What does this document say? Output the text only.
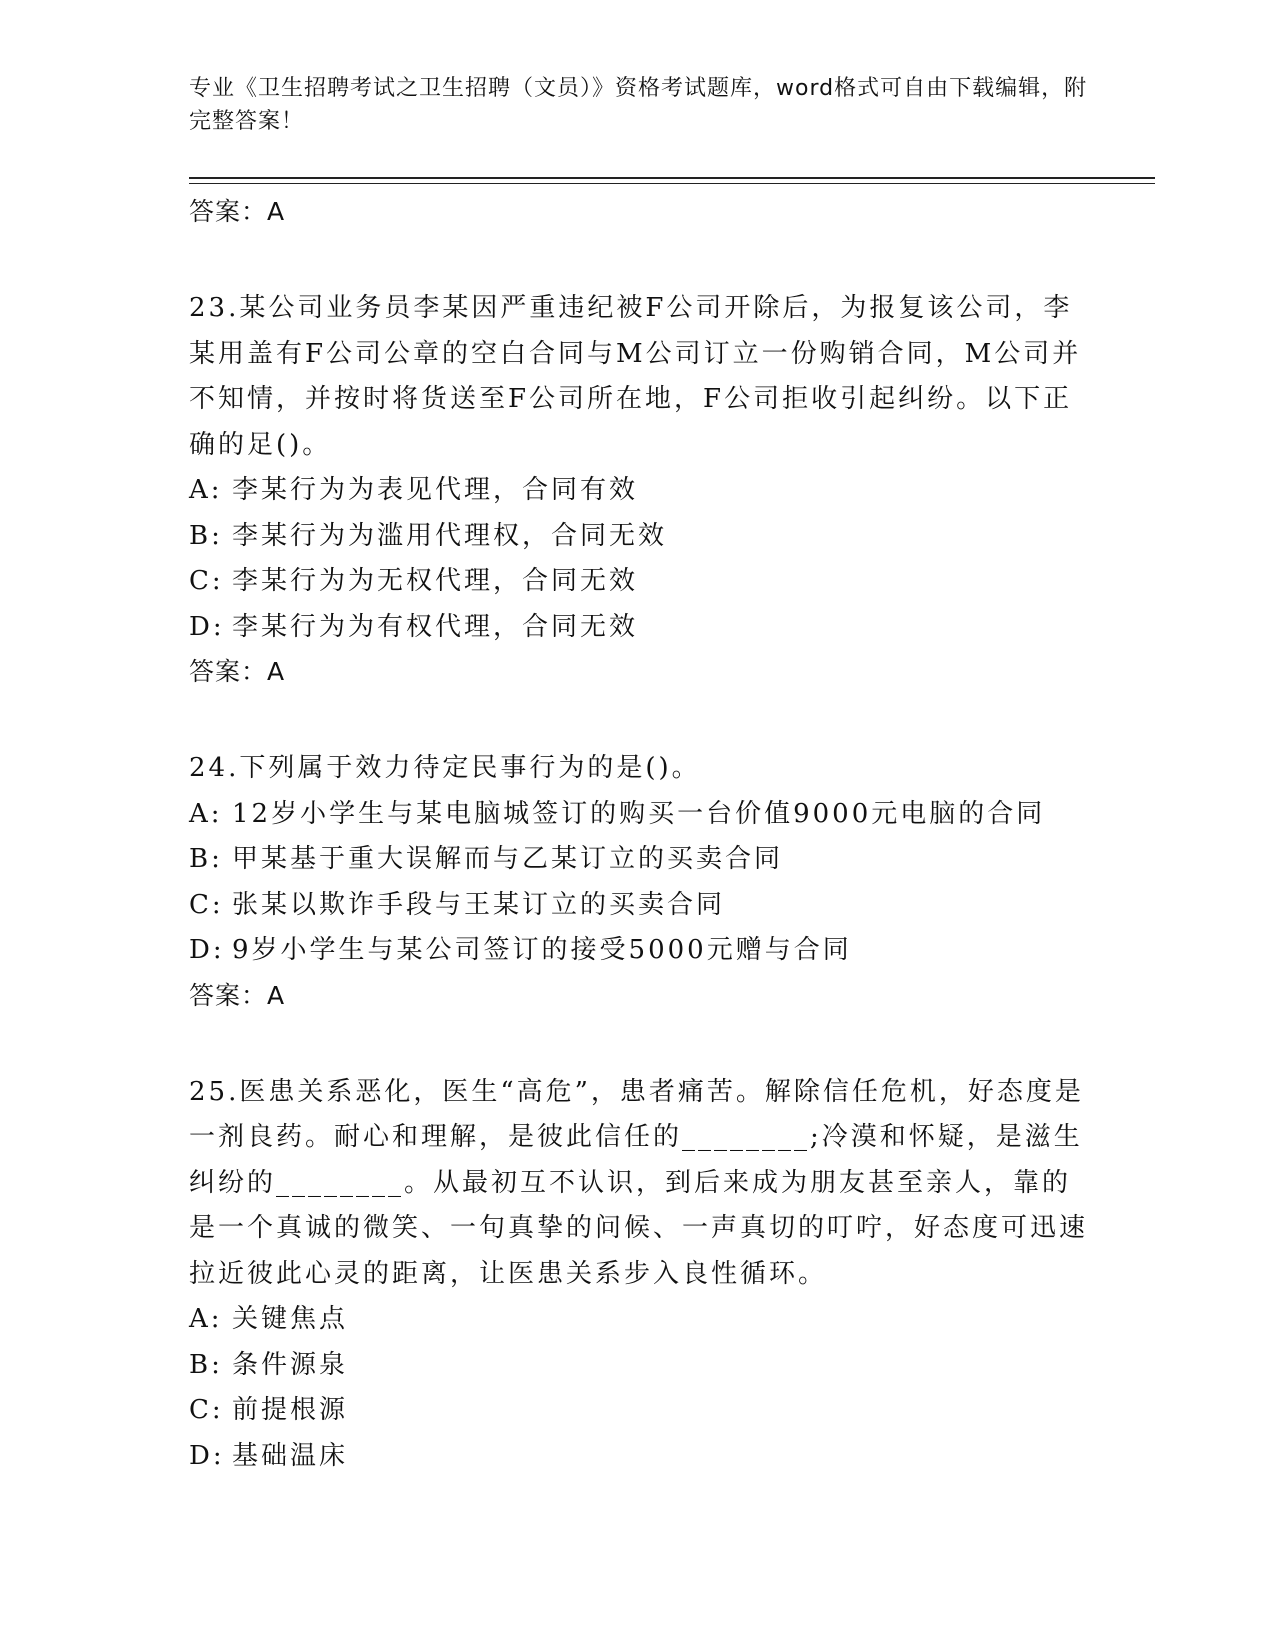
专业《卫生招聘考试之卫生招聘（文员）》资格考试题库，word格式可自由下载编辑，附完整答案！
答案：A
23.某公司业务员李某因严重违纪被F公司开除后，为报复该公司，李某用盖有F公司公章的空白合同与M公司订立一份购销合同，M公司并不知情，并按时将货送至F公司所在地，F公司拒收引起纠纷。以下正确的足()。
A: 李某行为为表见代理，合同有效
B: 李某行为为滥用代理权，合同无效
C: 李某行为为无权代理，合同无效
D: 李某行为为有权代理，合同无效
答案：A
24.下列属于效力待定民事行为的是()。
A: 12岁小学生与某电脑城签订的购买一台价值9000元电脑的合同
B: 甲某基于重大误解而与乙某订立的买卖合同
C: 张某以欺诈手段与王某订立的买卖合同
D: 9岁小学生与某公司签订的接受5000元赠与合同
答案：A
25.医患关系恶化，医生“高危”，患者痛苦。解除信任危机，好态度是一剂良药。耐心和理解，是彼此信任的________;冷漠和怀疑，是滋生纠纷的________。从最初互不认识，到后来成为朋友甚至亲人，靠的是一个真诚的微笑、一句真挚的问候、一声真切的叮咛，好态度可迅速拉近彼此心灵的距离，让医患关系步入良性循环。
A: 关键焦点
B: 条件源泉
C: 前提根源
D: 基础温床
